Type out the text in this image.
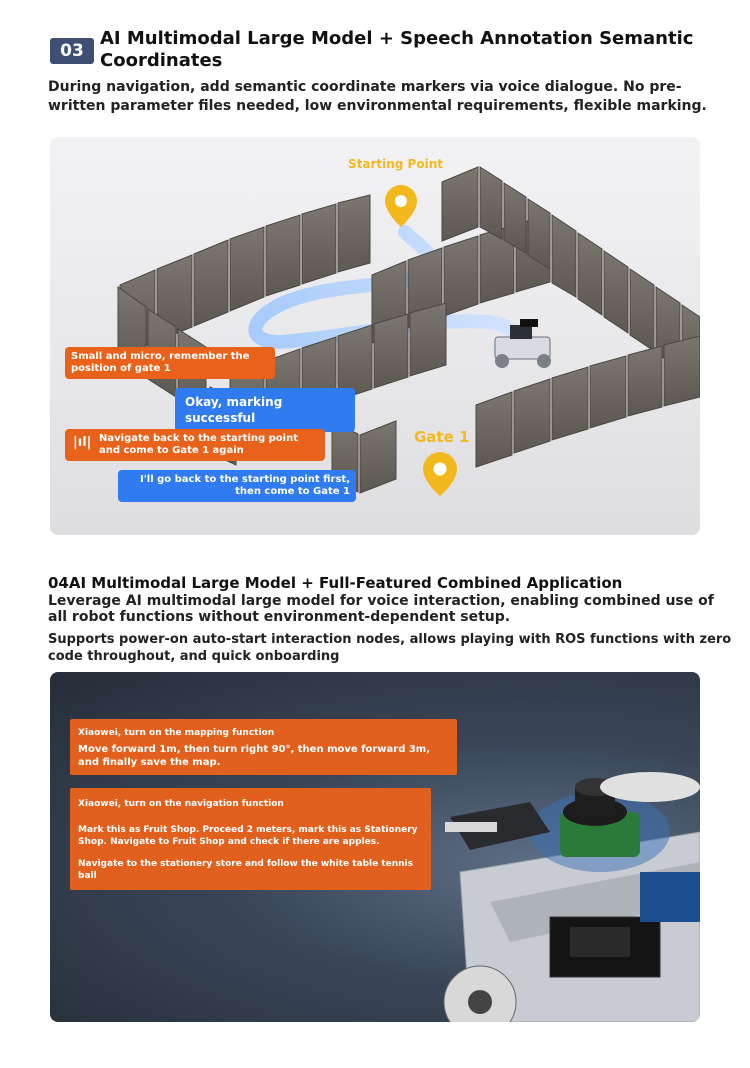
03
AI Multimodal Large Model + Speech Annotation Semantic Coordinates
During navigation, add semantic coordinate markers via voice dialogue. No pre-written parameter files needed, low environmental requirements, flexible marking.
Starting Point
Gate 1
Small and micro, remember the position of gate 1
Okay, marking successful
|ıl| Navigate back to the starting point and come to Gate 1 again
I'll go back to the starting point first, then come to Gate 1
04AI Multimodal Large Model + Full-Featured Combined Application
Leverage AI multimodal large model for voice interaction, enabling combined use of all robot functions without environment-dependent setup.
Supports power-on auto-start interaction nodes, allows playing with ROS functions with zero code throughout, and quick onboarding

Xiaowei, turn on the mapping function

Move forward 1m, then turn right 90°, then move forward 3m, and finally save the map.

Xiaowei, turn on the navigation function

Mark this as Fruit Shop. Proceed 2 meters, mark this as Stationery Shop. Navigate to Fruit Shop and check if there are apples.

Navigate to the stationery store and follow the white table tennis ball
